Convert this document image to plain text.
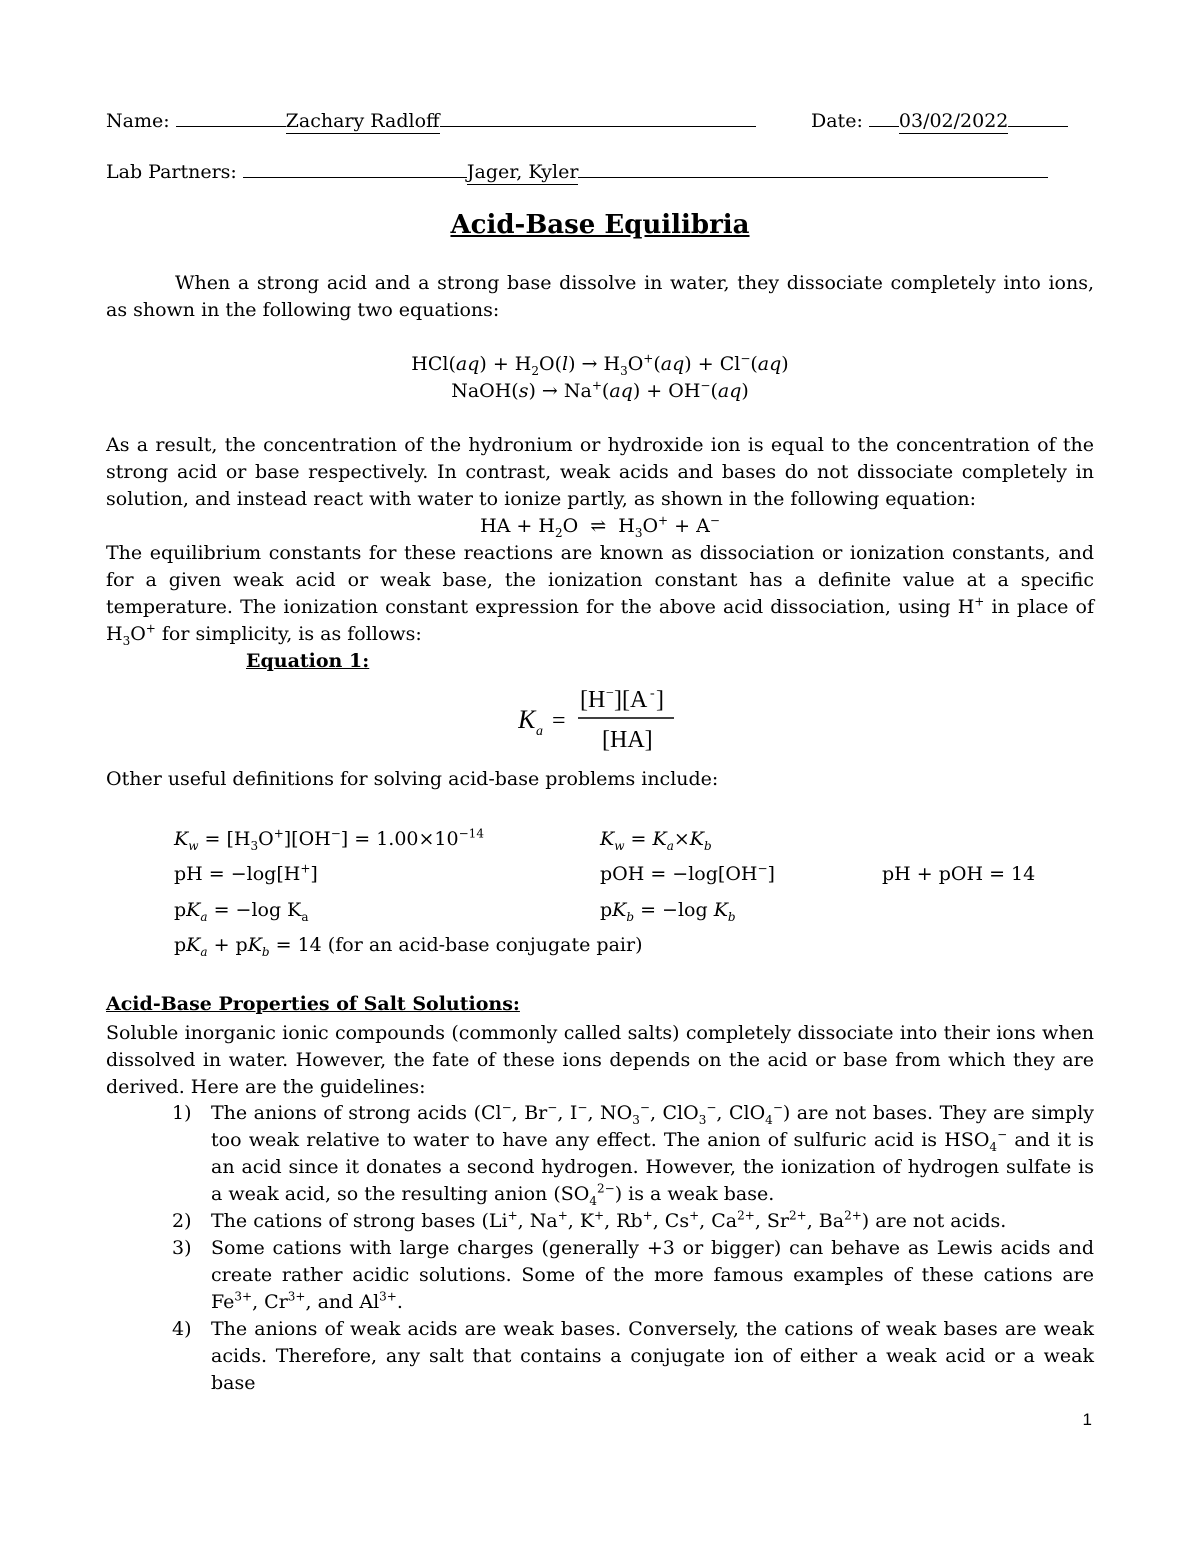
Name:	Zachary Radloff	Date: 03/02/2022
Lab Partners:	Jager, Kyler
Acid-Base Equilibria
When a strong acid and a strong base dissolve in water, they dissociate completely into ions, as shown in the following two equations:
$HCl(aq) + H_2O(l) \to H_3O^+(aq) + Cl^-(aq)$
NaOH(s) → Na+(aq) + OH−(aq)
As a result, the concentration of the hydronium or hydroxide ion is equal to the concentration of the strong acid or base respectively. In contrast, weak acids and bases do not dissociate completely in solution, and instead react with water to ionize partly, as shown in the following equation:
HA + $H_2O$  ⇌  $H_3O^+ + A^-$
The equilibrium constants for these reactions are known as dissociation or ionization constants, and for a given weak acid or weak base, the ionization constant has a definite value at a specific temperature. The ionization constant expression for the above acid dissociation, using H+ in place of $H_3O^+$ for simplicity, is as follows:
Equation 1:
K a =
[H − ][A - ]
[HA]
Other useful definitions for solving acid-base problems include:
$K_w = [H_3O^+][OH^-] = 1.00\times 10^{-14}$	$K_w = K_a\times K_b$
pH = −log[H+]	pOH = −log[OH−]	pH + pOH = 14
$pK_a = -\log$ $K_a$	$pK_b = -\log$ $K_b$
$pK_a + pK_b = 14$ (for an acid-base conjugate pair)
Acid-Base Properties of Salt Solutions:
Soluble inorganic ionic compounds (commonly called salts) completely dissociate into their ions when dissolved in water. However, the fate of these ions depends on the acid or base from which they are derived. Here are the guidelines:
1) The anions of strong acids (Cl−, Br−, I−, $NO_3^-$, ClO$_3$−, ClO$_4$−) are not bases. They are simply too weak relative to water to have any effect. The anion of sulfuric acid is $HSO_4^-$ and it is an acid since it donates a second hydrogen. However, the ionization of hydrogen sulfate is a weak acid, so the resulting anion $(SO_4^{2-})$ is a weak base.
2) The cations of strong bases (Li+, Na+, K+, Rb+, Cs+, $Ca^{2+}$, $Sr^{2+}$, $Ba^{2+}$) are not acids.
3) Some cations with large charges (generally +3 or bigger) can behave as Lewis acids and create rather acidic solutions. Some of the more famous examples of these cations are $Fe^{3+}$, $Cr^{3+}$, and $Al^{3+}$.
4) The anions of weak acids are weak bases. Conversely, the cations of weak bases are weak acids. Therefore, any salt that contains a conjugate ion of either a weak acid or a weak base
1
